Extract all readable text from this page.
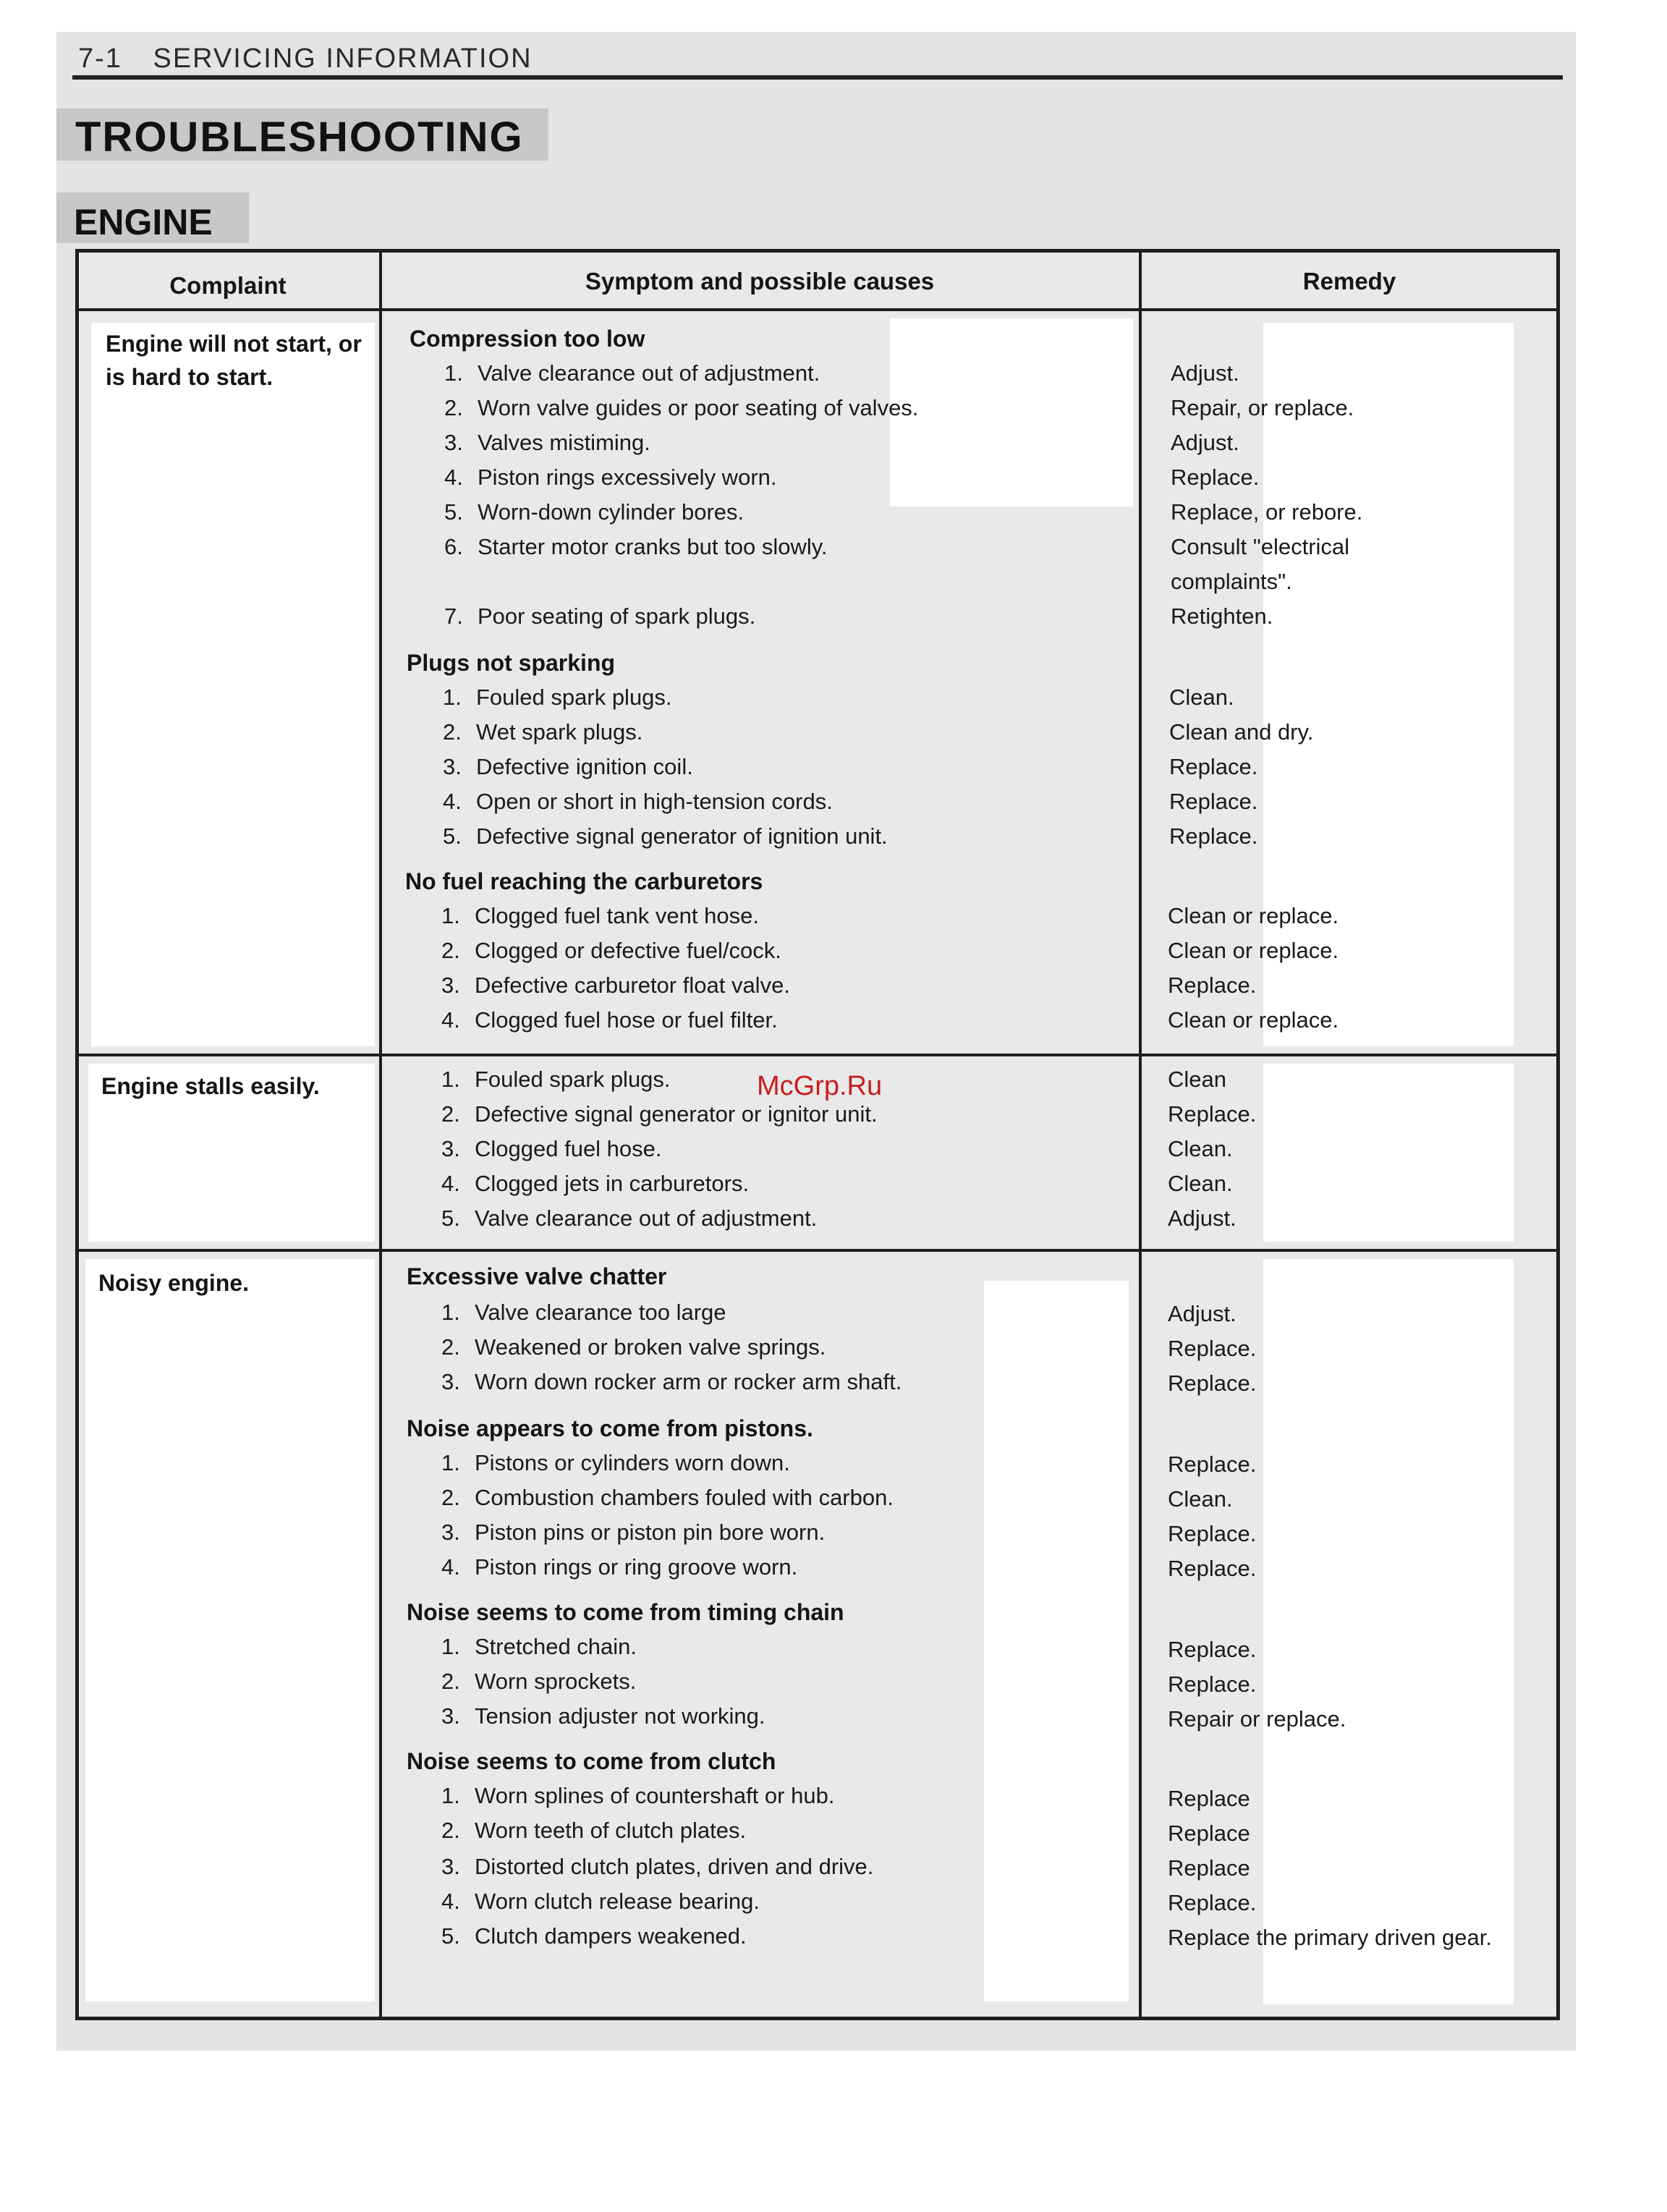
7-1 SERVICING INFORMATION
TROUBLESHOOTING
ENGINE
Complaint	Symptom and possible causes	Remedy
Engine will not start, or is hard to start.
Engine stalls easily.
Noisy engine.
Compression too low
1. Valve clearance out of adjustment.
2. Worn valve guides or poor seating of valves.
3. Valves mistiming.
4. Piston rings excessively worn.
5. Worn-down cylinder bores.
6. Starter motor cranks but too slowly.
7. Poor seating of spark plugs.
Adjust.
Repair, or replace.
Adjust.
Replace.
Replace, or rebore.
Consult "electrical complaints".
Retighten.
Plugs not sparking
1. Fouled spark plugs.
2. Wet spark plugs.
3. Defective ignition coil.
4. Open or short in high-tension cords.
5. Defective signal generator of ignition unit.
Clean.
Clean and dry.
Replace.
Replace.
Replace.
No fuel reaching the carburetors
1. Clogged fuel tank vent hose.
2. Clogged or defective fuel/cock.
3. Defective carburetor float valve.
4. Clogged fuel hose or fuel filter.
Clean or replace.
Clean or replace.
Replace.
Clean or replace.
1. Fouled spark plugs.
2. Defective signal generator or ignitor unit.
3. Clogged fuel hose.
4. Clogged jets in carburetors.
5. Valve clearance out of adjustment.
Clean
Replace.
Clean.
Clean.
Adjust.
Excessive valve chatter
1. Valve clearance too large
2. Weakened or broken valve springs.
3. Worn down rocker arm or rocker arm shaft.
Adjust.
Replace.
Replace.
Noise appears to come from pistons.
1. Pistons or cylinders worn down.
2. Combustion chambers fouled with carbon.
3. Piston pins or piston pin bore worn.
4. Piston rings or ring groove worn.
Replace.
Clean.
Replace.
Replace.
Noise seems to come from timing chain
1. Stretched chain.
2. Worn sprockets.
3. Tension adjuster not working.
Replace.
Replace.
Repair or replace.
Noise seems to come from clutch
1. Worn splines of countershaft or hub.
2. Worn teeth of clutch plates.
3. Distorted clutch plates, driven and drive.
4. Worn clutch release bearing.
5. Clutch dampers weakened.
Replace
Replace
Replace
Replace.
Replace the primary driven gear.
McGrp.Ru
